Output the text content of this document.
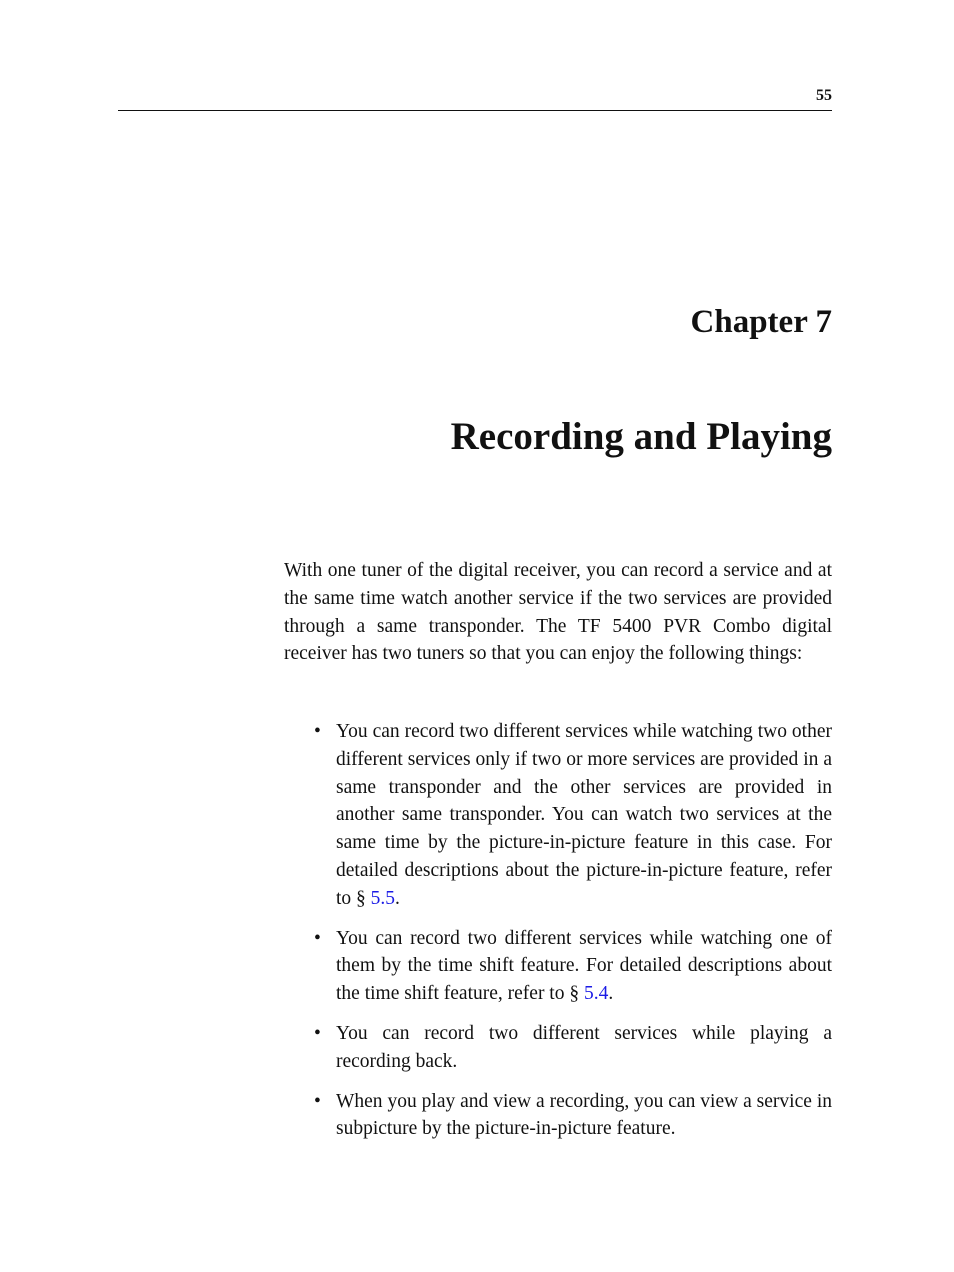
55
Chapter 7
Recording and Playing

With one tuner of the digital receiver, you can record a service and at the same time watch another service if the two services are provided through a same transponder. The TF 5400 PVR Combo digital receiver has two tuners so that you can enjoy the following things:

• You can record two different services while watching two other different services only if two or more services are provided in a same transponder and the other services are provided in another same transponder. You can watch two services at the same time by the picture-in-picture feature in this case. For detailed descriptions about the picture-in-picture feature, refer to § 5.5.
• You can record two different services while watching one of them by the time shift feature. For detailed descriptions about the time shift feature, refer to § 5.4.
• You can record two different services while playing a recording back.
• When you play and view a recording, you can view a service in subpicture by the picture-in-picture feature.
